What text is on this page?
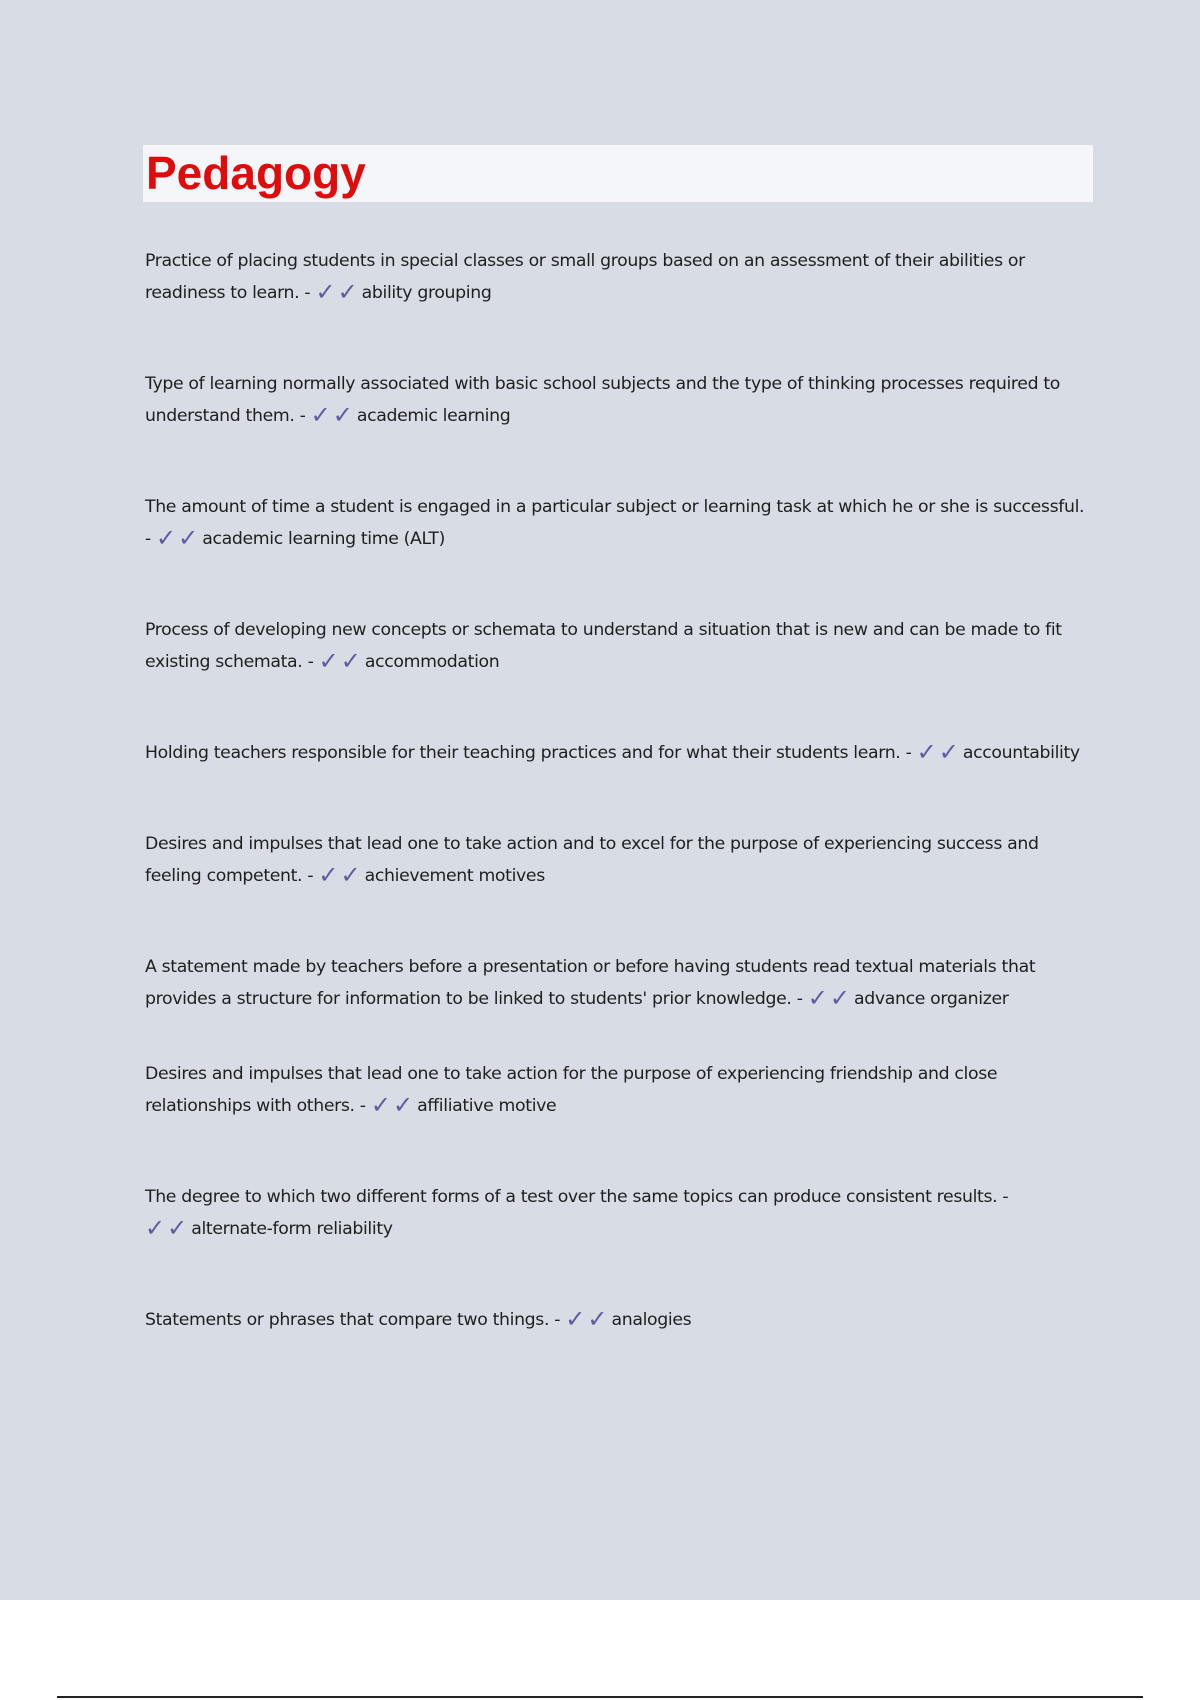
Pedagogy

Practice of placing students in special classes or small groups based on an assessment of their abilities or readiness to learn. - ✓✓ ability grouping

Type of learning normally associated with basic school subjects and the type of thinking processes required to understand them. - ✓✓ academic learning

The amount of time a student is engaged in a particular subject or learning task at which he or she is successful. - ✓✓ academic learning time (ALT)

Process of developing new concepts or schemata to understand a situation that is new and can be made to fit existing schemata. - ✓✓ accommodation

Holding teachers responsible for their teaching practices and for what their students learn. - ✓✓ accountability

Desires and impulses that lead one to take action and to excel for the purpose of experiencing success and feeling competent. - ✓✓ achievement motives

A statement made by teachers before a presentation or before having students read textual materials that provides a structure for information to be linked to students' prior knowledge. - ✓✓ advance organizer

Desires and impulses that lead one to take action for the purpose of experiencing friendship and close relationships with others. - ✓✓ affiliative motive

The degree to which two different forms of a test over the same topics can produce consistent results. - ✓✓ alternate-form reliability

Statements or phrases that compare two things. - ✓✓ analogies
